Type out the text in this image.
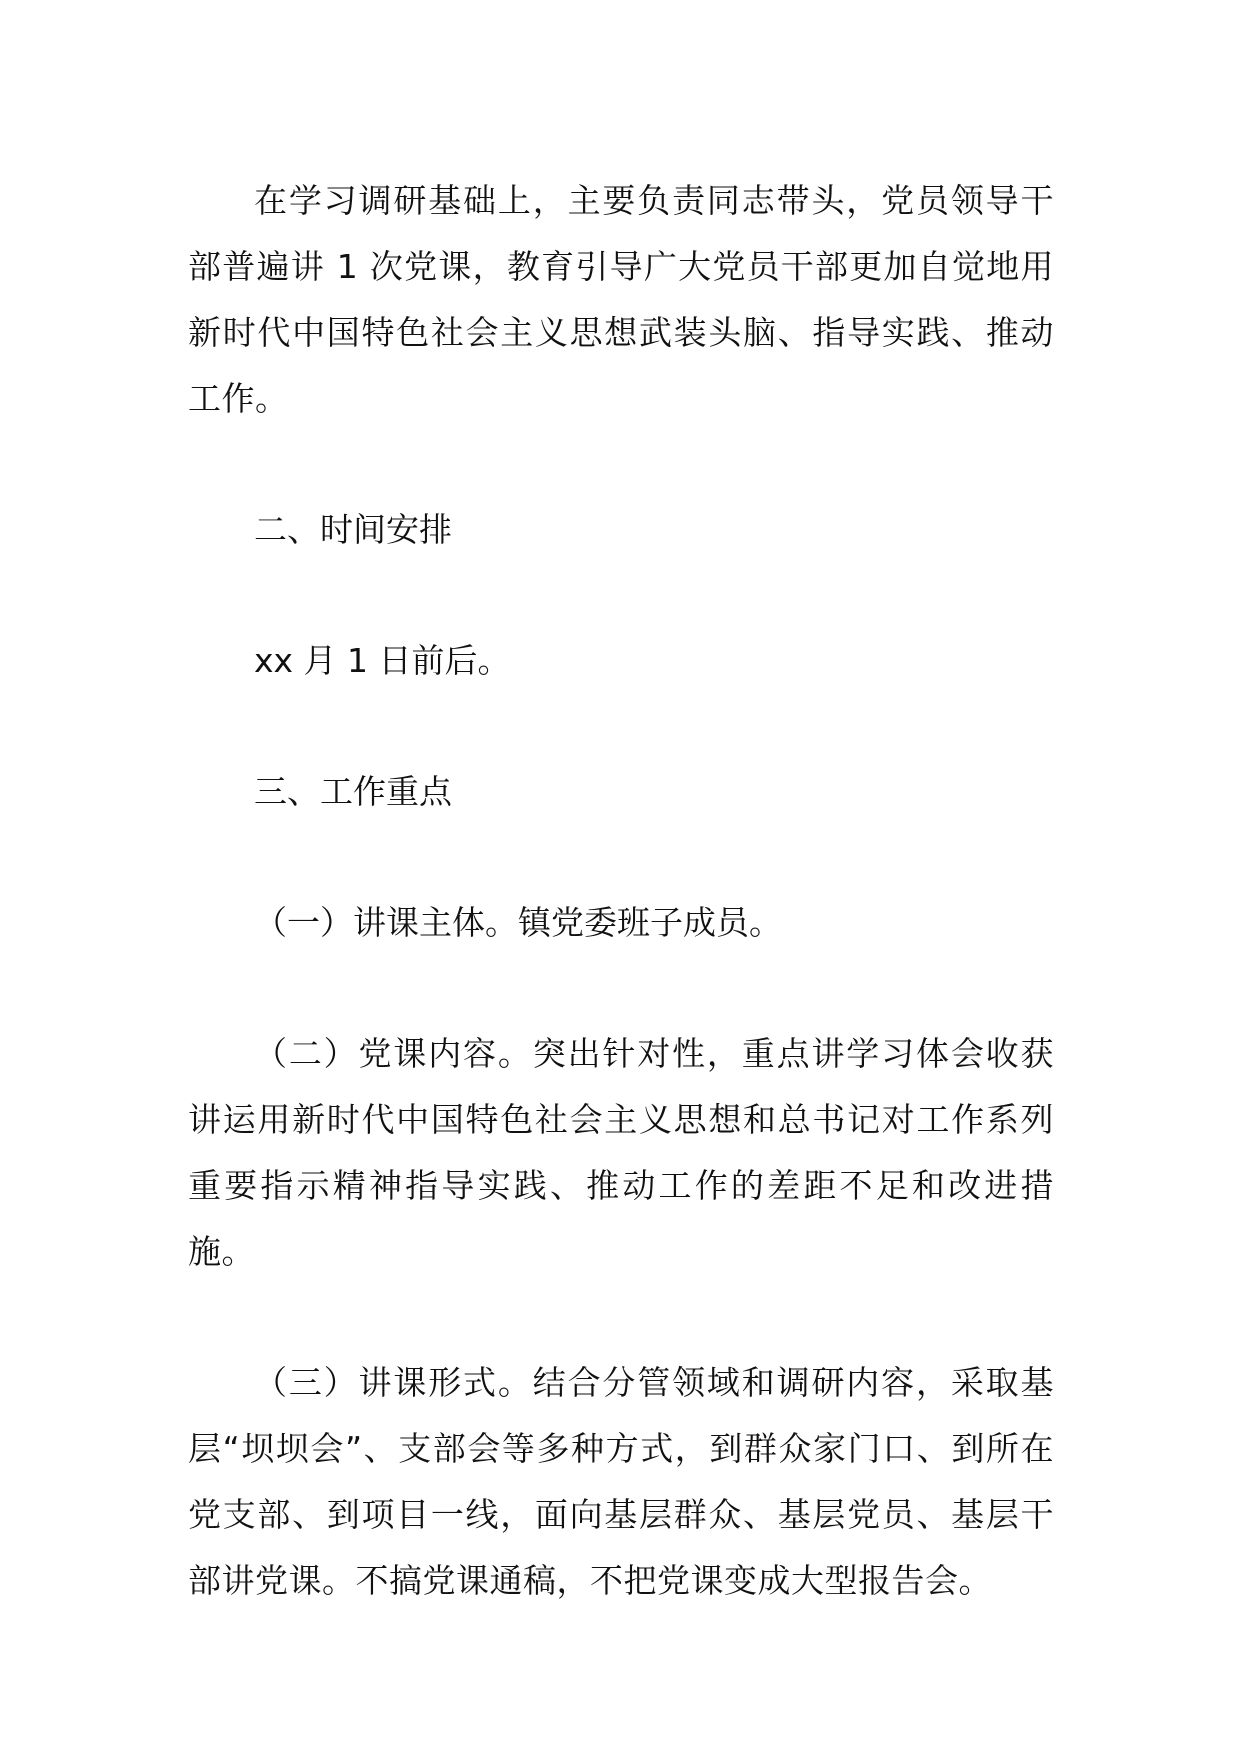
在学习调研基础上，主要负责同志带头，党员领导干部普遍讲 1 次党课，教育引导广大党员干部更加自觉地用新时代中国特色社会主义思想武装头脑、指导实践、推动工作。

二、时间安排

xx 月 1 日前后。

三、工作重点

（一）讲课主体。镇党委班子成员。

（二）党课内容。突出针对性，重点讲学习体会收获讲运用新时代中国特色社会主义思想和总书记对工作系列重要指示精神指导实践、推动工作的差距不足和改进措施。

（三）讲课形式。结合分管领域和调研内容，采取基层“坝坝会”、支部会等多种方式，到群众家门口、到所在党支部、到项目一线，面向基层群众、基层党员、基层干部讲党课。不搞党课通稿，不把党课变成大型报告会。
